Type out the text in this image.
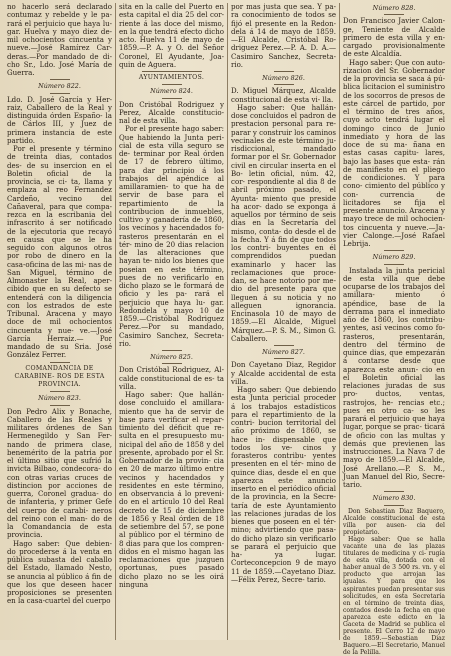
no hacerlo será declarado contumaz y rebelde y le pa- rará el perjuicio que haya lu- gar. Huelva y mayo diez de- mil ochocientos cincuenta y nueve.—José Ramírez Car- deras.—Por mandado de di- cho Sr., Ldo. José María de Guerra.

Número 822.

Ldo. D. José García y Her- raiz, Caballero de la Real y distinguida órden Españo- la de Cárlos III, y Juez de primera instancia de este partido.

Por el presente y término de treinta dias, contados des- de su insercion en el Boletin oficial de la provincia, se ci- ta, llama y emplaza al reo Fernandez Cardeño, vecino del Cañaveral, para que compa- rezca en la escribania del infrascrito á ser notificado de la ejecutoria que recayó en causa que se le ha seguido con algunos otros por robo de dinero en la casa-oficina de las mi- nas de San Miguel, término de Almonaster la Real, aper- cibido que en su defecto se entenderá con la diligencia con los estrados de este Tribunal. Aracena y mayo doce de mil ochocientos cincuenta y nue- ve.—José García Herraiz.— Por mandado de su Sria. José González Ferrer.

COMANDANCIA DE CARABINE- ROS DE ESTA PROVINCIA.

Número 823.

Don Pedro Alix y Bonache, Caballero de las Reales y militares órdenes de San Hermenegildo y San Fer- nando de primera clase, benemérito de la patria por el último sitio que sufrió la invicta Bilbao, condecora- do con otras varias cruces de distincion por acciones de guerra, Coronel gradua- do de infanteria, y primer Gefe del cuerpo de carabi- neros del reino con el man- do de la Comandancia de esta provincia.

Hago saber: Que debien- do procederse á la venta en pública subasta del caballo del Estado, llamado Nesto, se anuncia al público á fin de que los que deseen hacer proposiciones se presenten en la casa-cuartel del cuerpo

sita en la calle del Puerto en esta capital el dia 25 del cor- riente á las doce del mismo, en la que tendrá efecto dicho acto. Huelva 11 de mayo de 1859.—P. A. y O. del Señor Coronel, El Ayudante, Joa- quin de Aguera.

AYUNTAMIENTOS.

Número 824.

Don Cristóbal Rodriguez y Perez, Alcalde constitucio- nal de esta villa.

Por el presente hago saber: Que habiendo la Junta peri- cial de esta villa seguro se de- terminar por Real órden de 17 de febrero último, para dar principio á los trabajos del apéndice al amillaramien- to que ha de servir de base para el repartimiento de la contribucion de inmuebles, cultivo y ganadería de 1860, los vecinos y hacendados fo- rasteros presentarán en el tér- mino de 20 dias relacion de las alteraciones que hayan te- nido los bienes que poseian en este término, pues de no verificarlo en dicho plazo se le formará de oficio y les pa- rará el perjuicio que haya lu- gar. Redondela y mayo 10 de 1859.—Cristóbal Rodriguez Perez.—Por su mandado, Casimiro Sanchez, Secreta- rio.

Número 825.

Don Cristóbal Rodriguez, Al- calde constitucional de es- ta villa.

Hago saber: Que hallán- dose concluido el amillara- miento que ha de servir de base para verificar el repar- timiento del déficit que re- sulta en el presupuesto mu- nicipal del año de 1858 y del presente, aprobado por el Sr. Gobernador de la provin- cia en 20 de marzo último entre vecinos y hacendados y residentes en este término, en observancia á lo preveni- do en el artículo 10 del Real decreto de 15 de diciembre de 1856 y Real órden de 18 de setiembre del 57, se pone al público por el término de 8 dias para que los compren- didos en el mismo hagan las reclamaciones que juzguen oportunas, pues pasado dicho plazo no se les oirá ninguna

por mas justa que sea. Y pa- ra conocimiento de todos se fijó el presente en la Redon- dela á 14 de mayo de 1859. —El Alcalde, Cristóbal Ro- driguez Perez.—P. A. D. A.— Casimiro Sanchez, Secreta- rio.

Número 826.

D. Miguel Márquez, Alcalde constitucional de esta vi- lla.

Hago saber: Que hallán- dose concluidos el padron de prestacion personal para re- parar y construir los caminos vecinales de este término ju- risdiccional, mandado formar por el Sr. Gobernador civil en circular inserta en el Bo- letin oficial, núm. 42, cor- respondiente al dia 8 de abril próximo pasado, el Ayunta- miento que preside ha acor- dado se exponga á aquellos por término de seis dias en la Secretaría del mismo, conta- do desde el de la fecha. Y á fin de que todos los contri- buyentes en él comprendidos puedan examinarlo y hacer las reclamaciones que proce- dan, se hace notorio por me- dio del presente para que lleguen á su noticia y no alleguen ignorancia. Encinasola 10 de mayo de 1859.—El Alcalde, Miguel Márquez.—P. S. M., Simon G. Caballero.

Número 827.

Don Cayetano Diaz, Regidor y Alcalde accidental de esta villa.

Hago saber: Que debiendo esta Junta pericial proceder á los trabajos estadísticos para el repartimiento de la contri- bucion territorial del año próximo de 1860, se hace in- dispensable que todos los ve- cinos y forasteros contribu- yentes presenten en el tér- mino de quince dias, desde el en que aparezca este anuncio inserto en el periódico oficial de la provincia, en la Secre- taría de este Ayuntamiento las relaciones juradas de los bienes que poseen en el tér- mino; advirtiendo que pasa- do dicho plazo sin verificarlo se parará el perjuicio que ha- ya lugar. Corteconcepcion 9 de mayo 11 de 1859.—Cayetano Diaz.—Félix Perez, Secre- tario.

Número 828.

Don Francisco Javier Calon- ge, Teniente de Alcalde primero de esta villa y en- cargado provisionalmente de este Alcaldía.

Hago saber: Que con auto- rizacion del Sr. Gobernador de la provincia se saca á pú- blica licitacion el suministro de los socorros de presos de este cárcel de partido, por el término de tres años, cuyo acto tendrá lugar el domingo cinco de Junio inmediato y hora de las doce de su ma- ñana en estas casas capitu- lares, bajo las bases que esta- rán de manifiesto en el pliego de condiciones. Y para cono- cimiento del público y con- currencia de licitadores se fija el presente anuncio. Aracena y mayo trece de mil ochocien- tos cincuenta y nueve.—Ja- vier Calonge.—José Rafael Lebrija.

Número 829.

Instalada la junta pericial de esta villa que debe ocuparse de los trabajos del amillara- miento ó apéndice, base de la derrama para el inmediato año de 1860, los contribu- yentes, así vecinos como fo- rasteros, presentarán, dentro del término de quince dias, que empezarán á contarse desde que aparezca este anun- cio en el Boletin oficial las relaciones juradas de sus pro- ductos, ventas, rastrojos, he- rencias etc.; pues en otro ca- so les parará el perjuicio que haya lugar, porque se prac- ticará de oficio con las multas y demás que previenen las instrucciones. La Nava 7 de mayo de 1859.—El Alcalde, José Arellano.—P. S. M., Juan Manuel del Rio, Secre- tario.

Número 830.

Don Sebastian Diaz Baquero, Alcalde constitucional de esta villa por ausen- cia del propietario.

Hago saber: Que se halla vacante una de las plazas titulares de medicina y ci- rugía de esta villa, dotada con el haber anual de 3 500 rs. vn. y el producto que arrojan las igualas. Y para que los aspirantes puedan presentar sus solicitudes, en esta Secretaría en el término de treinta dias, contados desde la fecha en que aparezca este edicto en la Gaceta de Madrid se publica el presente. El Cerro 12 de mayo de 1859.—Sebastian Diaz Baquero.—El Secretario, Manuel de la Pelilla.
